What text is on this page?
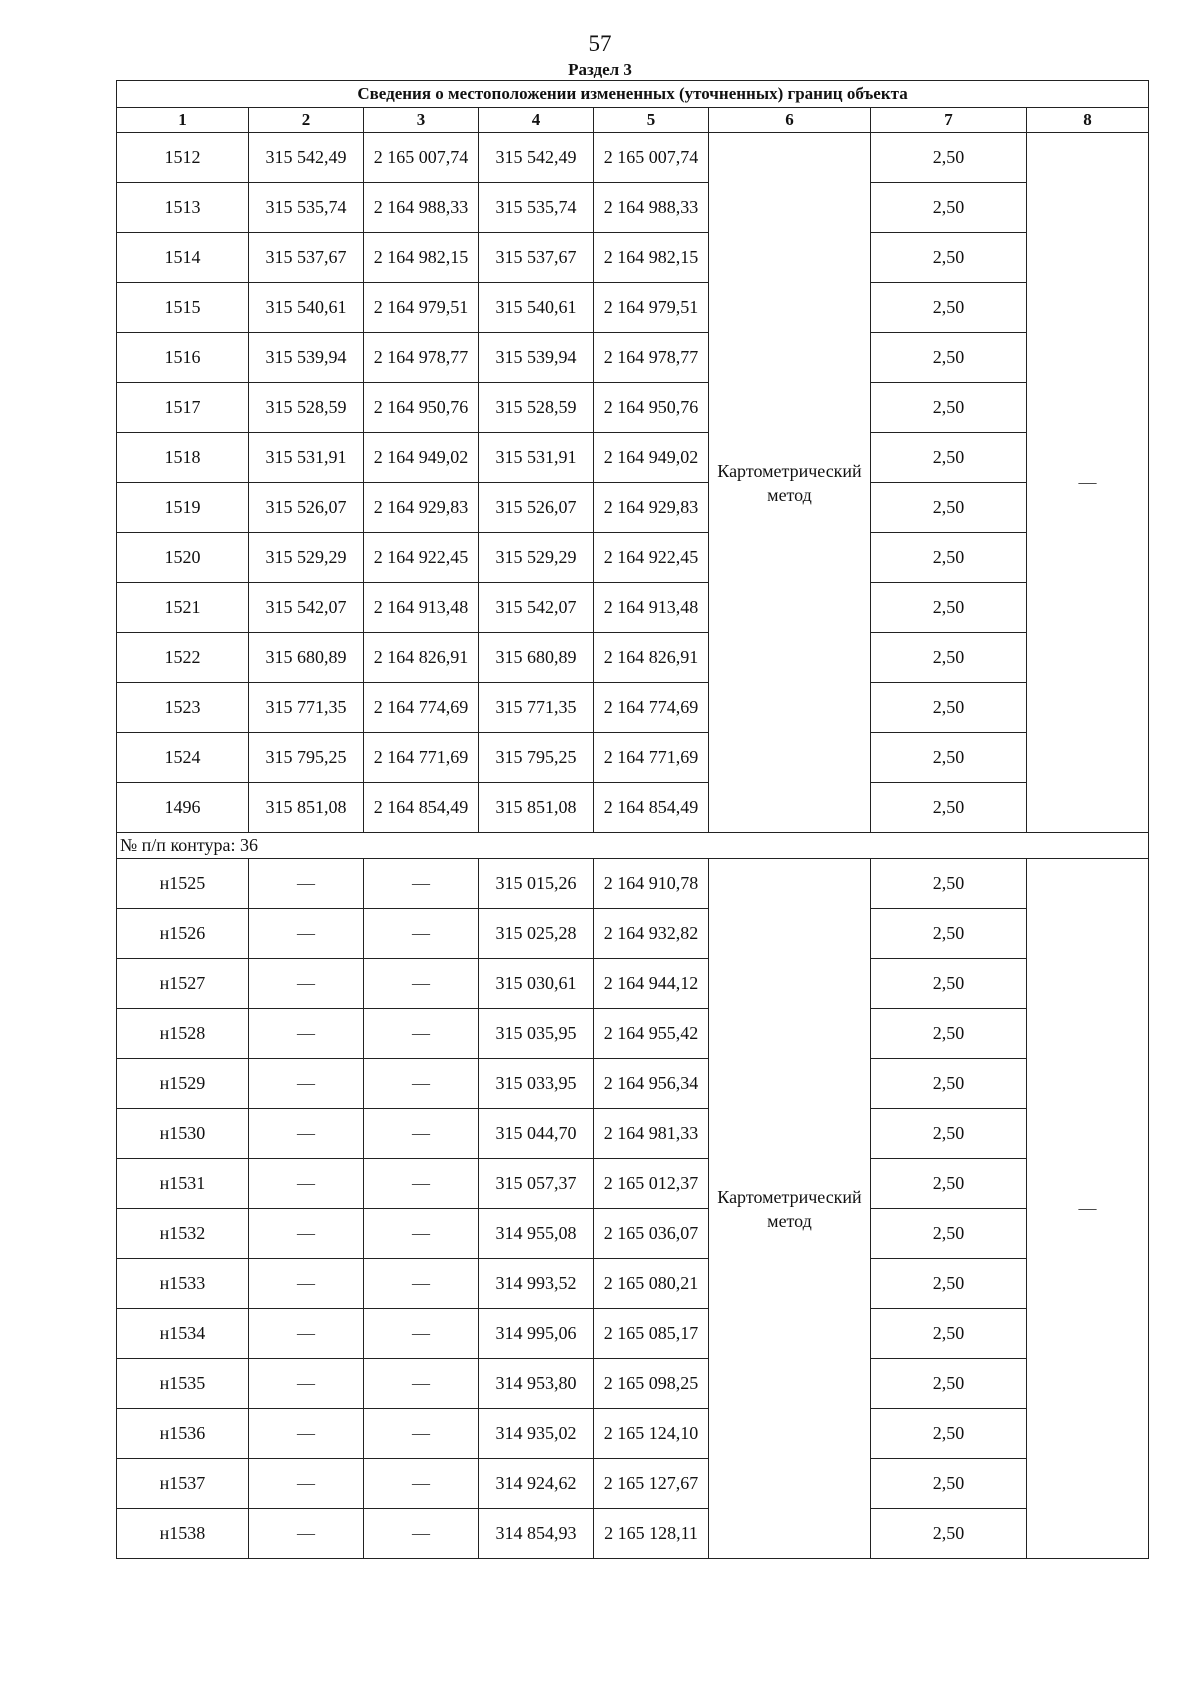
57
Раздел 3
Сведения о местоположении измененных (уточненных) границ объекта							
1	2	3	4	5	6	7	8
1512	315 542,49	2 165 007,74	315 542,49	2 165 007,74	Картометрический метод	2,50	—
1513	315 535,74	2 164 988,33	315 535,74	2 164 988,33		2,50	
1514	315 537,67	2 164 982,15	315 537,67	2 164 982,15		2,50	
1515	315 540,61	2 164 979,51	315 540,61	2 164 979,51		2,50	
1516	315 539,94	2 164 978,77	315 539,94	2 164 978,77		2,50	
1517	315 528,59	2 164 950,76	315 528,59	2 164 950,76		2,50	
1518	315 531,91	2 164 949,02	315 531,91	2 164 949,02		2,50	
1519	315 526,07	2 164 929,83	315 526,07	2 164 929,83		2,50	
1520	315 529,29	2 164 922,45	315 529,29	2 164 922,45		2,50	
1521	315 542,07	2 164 913,48	315 542,07	2 164 913,48		2,50	
1522	315 680,89	2 164 826,91	315 680,89	2 164 826,91		2,50	
1523	315 771,35	2 164 774,69	315 771,35	2 164 774,69		2,50	
1524	315 795,25	2 164 771,69	315 795,25	2 164 771,69		2,50	
1496	315 851,08	2 164 854,49	315 851,08	2 164 854,49		2,50	
№ п/п контура: 36							
н1525	—	—	315 015,26	2 164 910,78	Картометрический метод	2,50	—
н1526	—	—	315 025,28	2 164 932,82		2,50	
н1527	—	—	315 030,61	2 164 944,12		2,50	
н1528	—	—	315 035,95	2 164 955,42		2,50	
н1529	—	—	315 033,95	2 164 956,34		2,50	
н1530	—	—	315 044,70	2 164 981,33		2,50	
н1531	—	—	315 057,37	2 165 012,37		2,50	
н1532	—	—	314 955,08	2 165 036,07		2,50	
н1533	—	—	314 993,52	2 165 080,21		2,50	
н1534	—	—	314 995,06	2 165 085,17		2,50	
н1535	—	—	314 953,80	2 165 098,25		2,50	
н1536	—	—	314 935,02	2 165 124,10		2,50	
н1537	—	—	314 924,62	2 165 127,67		2,50	
н1538	—	—	314 854,93	2 165 128,11		2,50	
